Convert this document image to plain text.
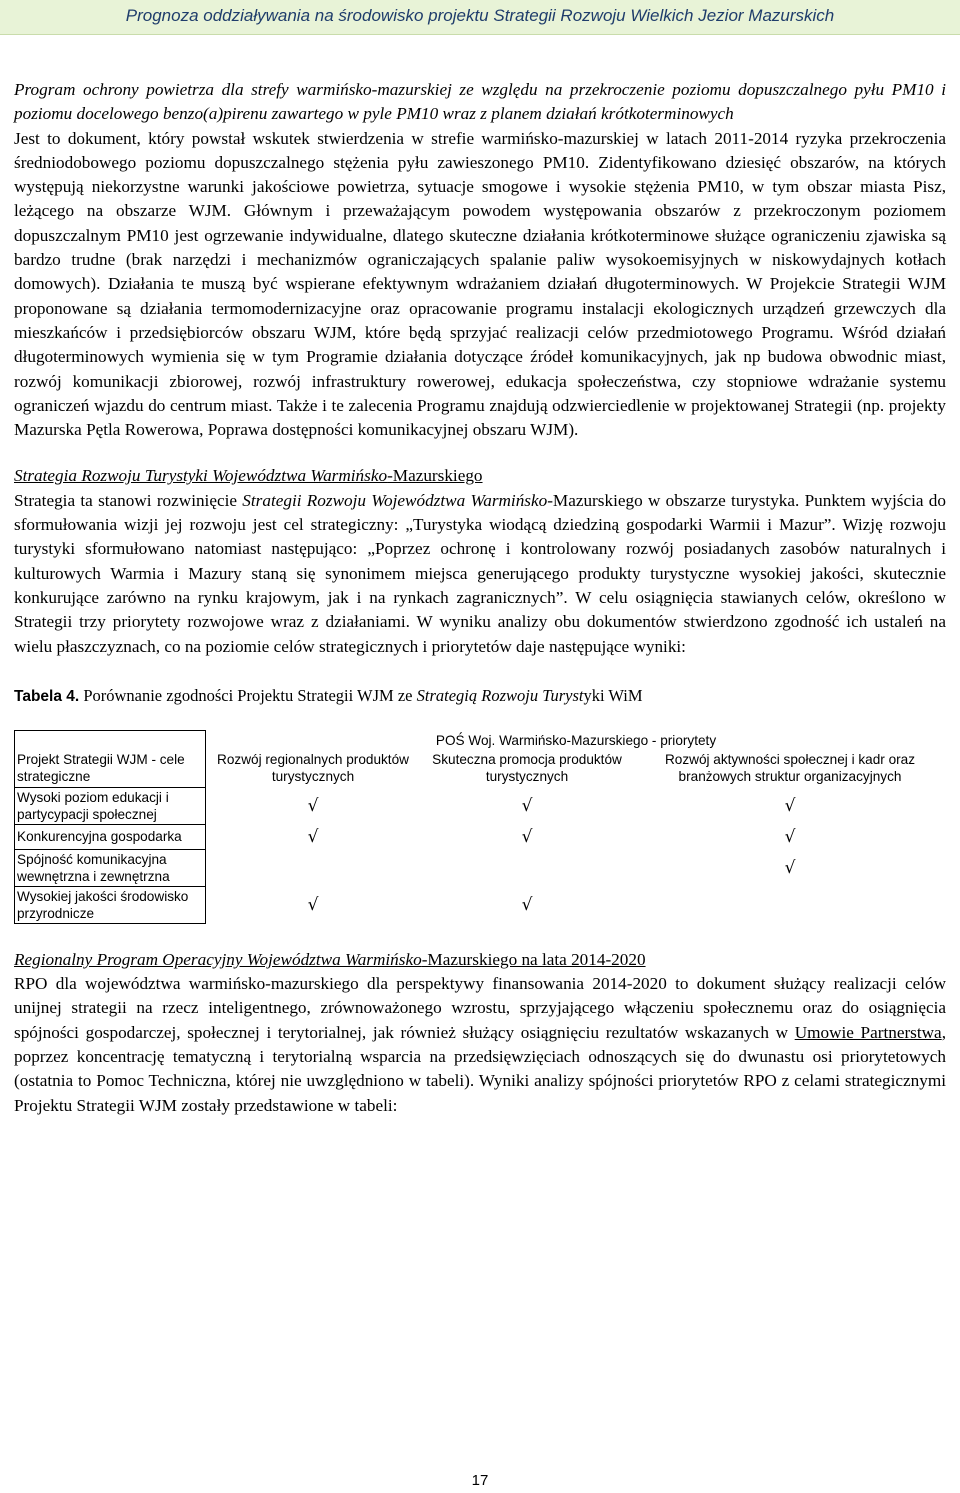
Prognoza oddziaływania na środowisko projektu Strategii Rozwoju Wielkich Jezior Mazurskich

Program ochrony powietrza dla strefy warmińsko-mazurskiej ze względu na przekroczenie poziomu dopuszczalnego pyłu PM10 i poziomu docelowego benzo(a)pirenu zawartego w pyle PM10 wraz z planem działań krótkoterminowych

Jest to dokument, który powstał wskutek stwierdzenia w strefie warmińsko-mazurskiej w latach 2011-2014 ryzyka przekroczenia średniodobowego poziomu dopuszczalnego stężenia pyłu zawieszonego PM10. Zidentyfikowano dziesięć obszarów, na których występują niekorzystne warunki jakościowe powietrza, sytuacje smogowe i wysokie stężenia PM10, w tym obszar miasta Pisz, leżącego na obszarze WJM. Głównym i przeważającym powodem występowania obszarów z przekroczonym poziomem dopuszczalnym PM10 jest ogrzewanie indywidualne, dlatego skuteczne działania krótkoterminowe służące ograniczeniu zjawiska są bardzo trudne (brak narzędzi i mechanizmów ograniczających spalanie paliw wysokoemisyjnych w niskowydajnych kotłach domowych). Działania te muszą być wspierane efektywnym wdrażaniem działań długoterminowych. W Projekcie Strategii WJM proponowane są działania termomodernizacyjne oraz opracowanie programu instalacji ekologicznych urządzeń grzewczych dla mieszkańców i przedsiębiorców obszaru WJM, które będą sprzyjać realizacji celów przedmiotowego Programu. Wśród działań długoterminowych wymienia się w tym Programie działania dotyczące źródeł komunikacyjnych, jak np budowa obwodnic miast, rozwój komunikacji zbiorowej, rozwój infrastruktury rowerowej, edukacja społeczeństwa, czy stopniowe wdrażanie systemu ograniczeń wjazdu do centrum miast. Także i te zalecenia Programu znajdują odzwierciedlenie w projektowanej Strategii (np. projekty Mazurska Pętla Rowerowa, Poprawa dostępności komunikacyjnej obszaru WJM).

Strategia Rozwoju Turystyki Województwa Warmińsko-Mazurskiego

Strategia ta stanowi rozwinięcie Strategii Rozwoju Województwa Warmińsko-Mazurskiego w obszarze turystyka. Punktem wyjścia do sformułowania wizji jej rozwoju jest cel strategiczny: „Turystyka wiodącą dziedziną gospodarki Warmii i Mazur”. Wizję rozwoju turystyki sformułowano natomiast następująco: „Poprzez ochronę i kontrolowany rozwój posiadanych zasobów naturalnych i kulturowych Warmia i Mazury staną się synonimem miejsca generującego produkty turystyczne wysokiej jakości, skutecznie konkurujące zarówno na rynku krajowym, jak i na rynkach zagranicznych”. W celu osiągnięcia stawianych celów, określono w Strategii trzy priorytety rozwojowe wraz z działaniami. W wyniku analizy obu dokumentów stwierdzono zgodność ich ustaleń na wielu płaszczyznach, co na poziomie celów strategicznych i priorytetów daje następujące wyniki:

Tabela 4. Porównanie zgodności Projektu Strategii WJM ze Strategią Rozwoju Turystyki WiM

Projekt Strategii WJM - cele strategiczne	POŚ Woj. Warmińsko-Mazurskiego - priorytety		
	Rozwój regionalnych produktów turystycznych	Skuteczna promocja produktów turystycznych	Rozwój aktywności społecznej i kadr oraz branżowych struktur organizacyjnych
Wysoki poziom edukacji i partycypacji społecznej	√	√	√
Konkurencyjna gospodarka	√	√	√
Spójność komunikacyjna wewnętrzna i zewnętrzna			√
Wysokiej jakości środowisko przyrodnicze	√	√	

Regionalny Program Operacyjny Województwa Warmińsko-Mazurskiego na lata 2014-2020

RPO dla województwa warmińsko-mazurskiego dla perspektywy finansowania 2014-2020 to dokument służący realizacji celów unijnej strategii na rzecz inteligentnego, zrównoważonego wzrostu, sprzyjającego włączeniu społecznemu oraz do osiągnięcia spójności gospodarczej, społecznej i terytorialnej, jak również służący osiągnięciu rezultatów wskazanych w Umowie Partnerstwa, poprzez koncentrację tematyczną i terytorialną wsparcia na przedsięwzięciach odnoszących się do dwunastu osi priorytetowych (ostatnia to Pomoc Techniczna, której nie uwzględniono w tabeli). Wyniki analizy spójności priorytetów RPO z celami strategicznymi Projektu Strategii WJM zostały przedstawione w tabeli:

17
